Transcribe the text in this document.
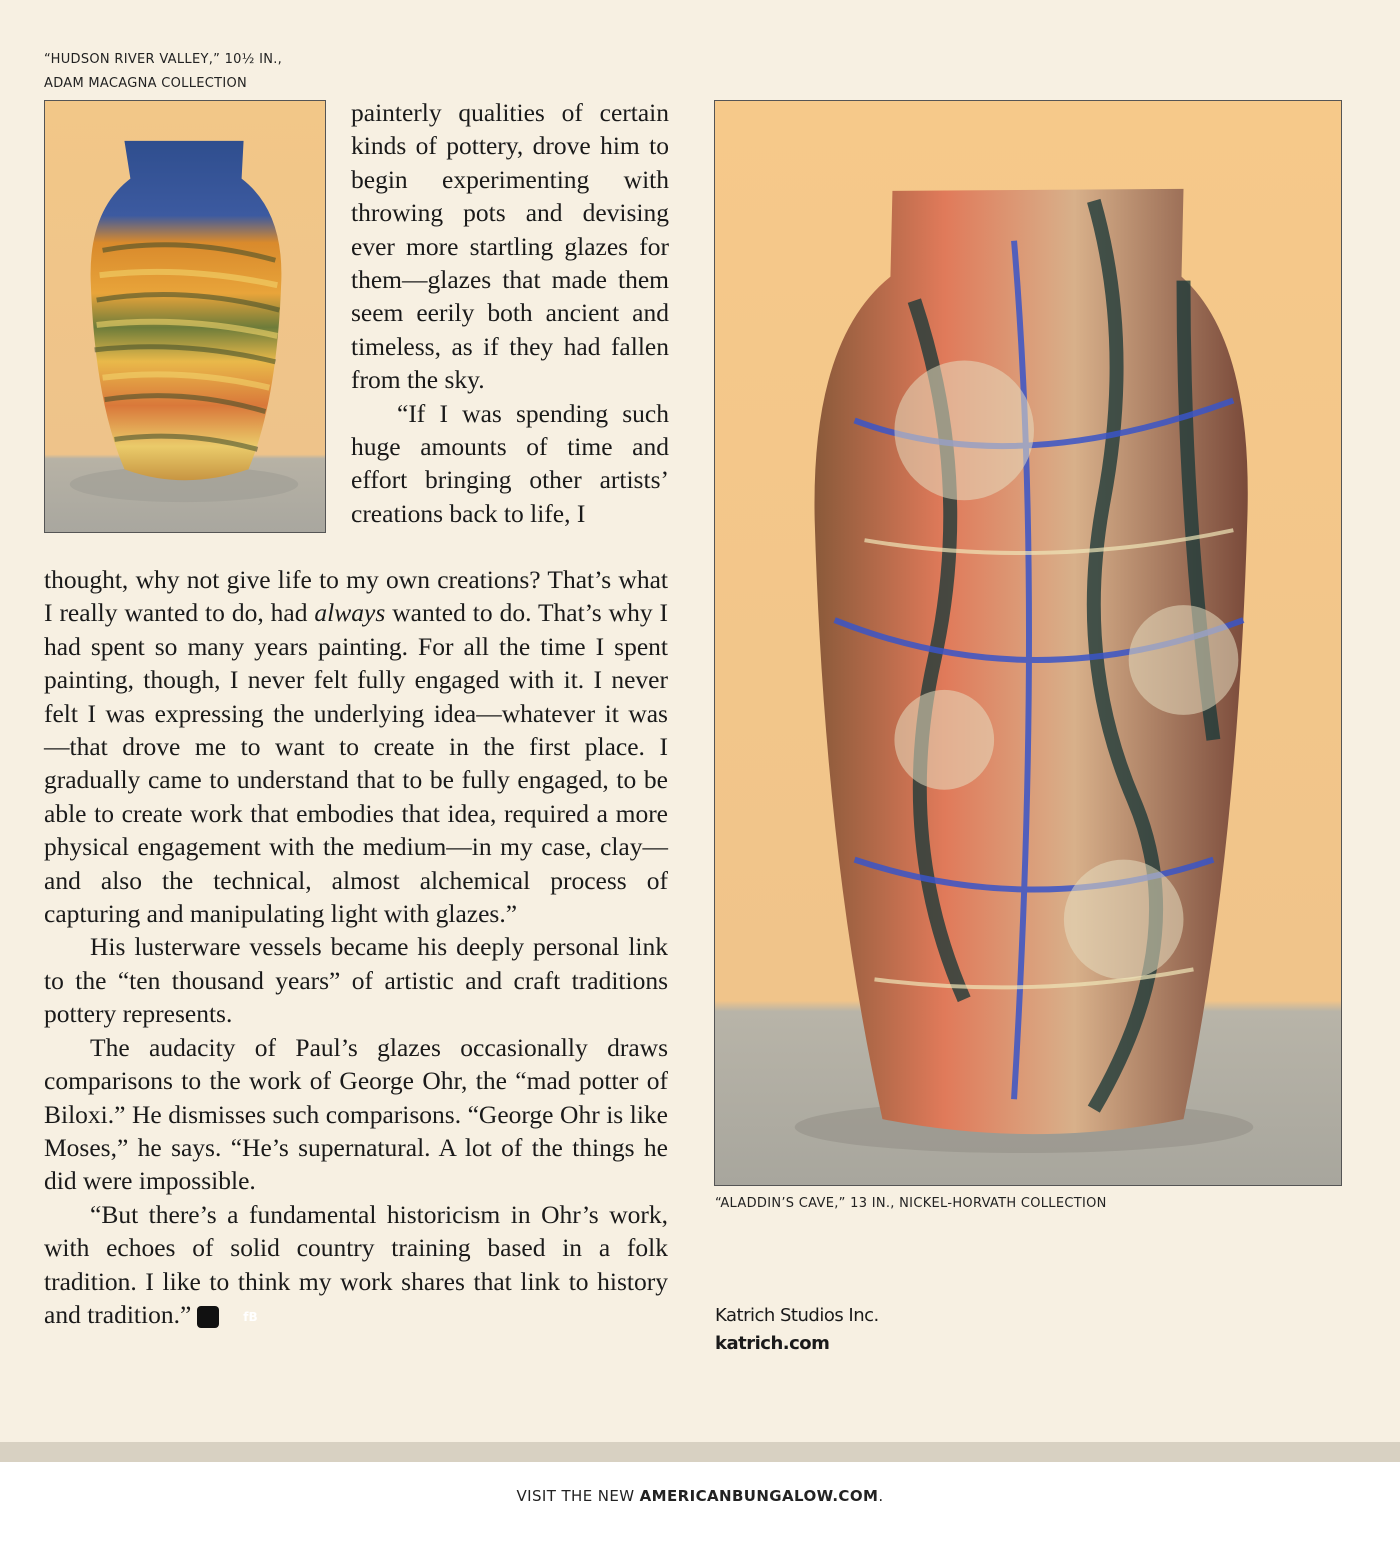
“HUDSON RIVER VALLEY,” 10½ IN.,
ADAM MACAGNA COLLECTION

painterly qualities of certain kinds of pottery, drove him to begin experimenting with throwing pots and devising ever more startling glazes for them—glazes that made them seem eerily both ancient and timeless, as if they had fallen from the sky.

“If I was spending such huge amounts of time and effort bringing other artists’ creations back to life, I

thought, why not give life to my own creations? That’s what I really wanted to do, had always wanted to do. That’s why I had spent so many years painting. For all the time I spent painting, though, I never felt fully engaged with it. I never felt I was expressing the underlying idea—whatever it was—that drove me to want to create in the first place. I gradually came to understand that to be fully engaged, to be able to create work that embodies that idea, required a more physical engagement with the medium—in my case, clay—and also the technical, almost alchemical process of capturing and manipulating light with glazes.”

His lusterware vessels became his deeply personal link to the “ten thousand years” of artistic and craft traditions pottery represents.

The audacity of Paul’s glazes occasionally draws comparisons to the work of George Ohr, the “mad potter of Biloxi.” He dismisses such comparisons. “George Ohr is like Moses,” he says. “He’s supernatural. A lot of the things he did were impossible.

“But there’s a fundamental historicism in Ohr’s work, with echoes of solid country training based in a folk tradition. I like to think my work shares that link to history and tradition.”	fB

“ALADDIN’S CAVE,” 13 IN., NICKEL-HORVATH COLLECTION
Katrich Studios Inc.
katrich.com
VISIT THE NEW AMERICANBUNGALOW.COM.
